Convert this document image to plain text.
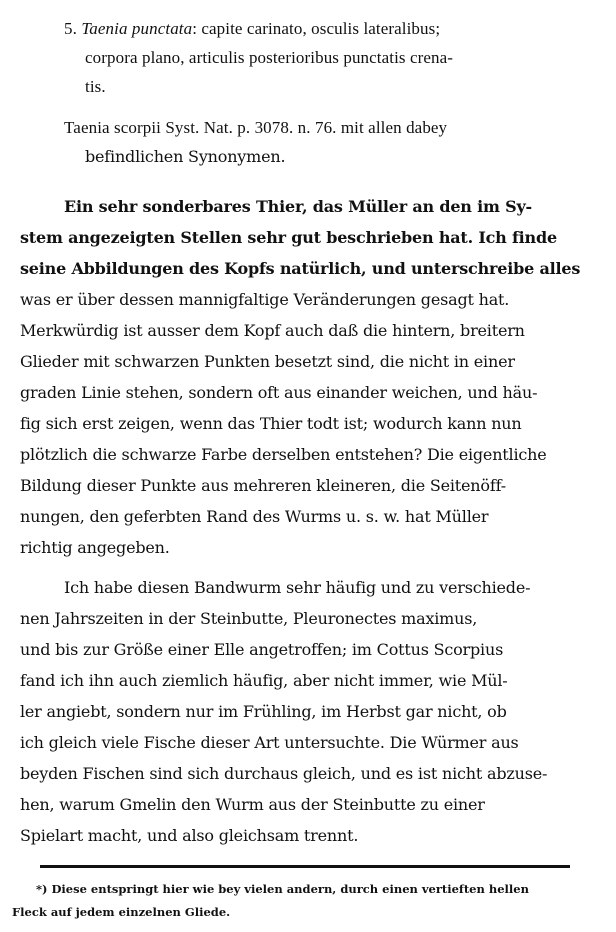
5. Taenia punctata: capite carinato, osculis lateralibus;
corpora plano, articulis posterioribus punctatis crena-
tis.
Taenia scorpii Syst. Nat. p. 3078. n. 76. mit allen dabey
befindlichen Synonymen.
Ein sehr sonderbares Thier, das Müller an den im Sy-
stem angezeigten Stellen sehr gut beschrieben hat. Ich finde
seine Abbildungen des Kopfs natürlich, und unterschreibe alles
was er über dessen mannigfaltige Veränderungen gesagt hat.
Merkwürdig ist ausser dem Kopf auch daß die hintern, breitern
Glieder mit schwarzen Punkten besetzt sind, die nicht in einer
graden Linie stehen, sondern oft aus einander weichen, und häu-
fig sich erst zeigen, wenn das Thier todt ist; wodurch kann nun
plötzlich die schwarze Farbe derselben entstehen? Die eigentliche
Bildung dieser Punkte aus mehreren kleineren, die Seitenöff-
nungen, den geferbten Rand des Wurms u. s. w. hat Müller
richtig angegeben.
Ich habe diesen Bandwurm sehr häufig und zu verschiede-
nen Jahrszeiten in der Steinbutte, Pleuronectes maximus,
und bis zur Größe einer Elle angetroffen; im Cottus Scorpius
fand ich ihn auch ziemlich häufig, aber nicht immer, wie Mül-
ler angiebt, sondern nur im Frühling, im Herbst gar nicht, ob
ich gleich viele Fische dieser Art untersuchte. Die Würmer aus
beyden Fischen sind sich durchaus gleich, und es ist nicht abzuse-
hen, warum Gmelin den Wurm aus der Steinbutte zu einer
Spielart macht, und also gleichsam trennt.
*) Diese entspringt hier wie bey vielen andern, durch einen vertieften hellen
Fleck auf jedem einzelnen Gliede.
